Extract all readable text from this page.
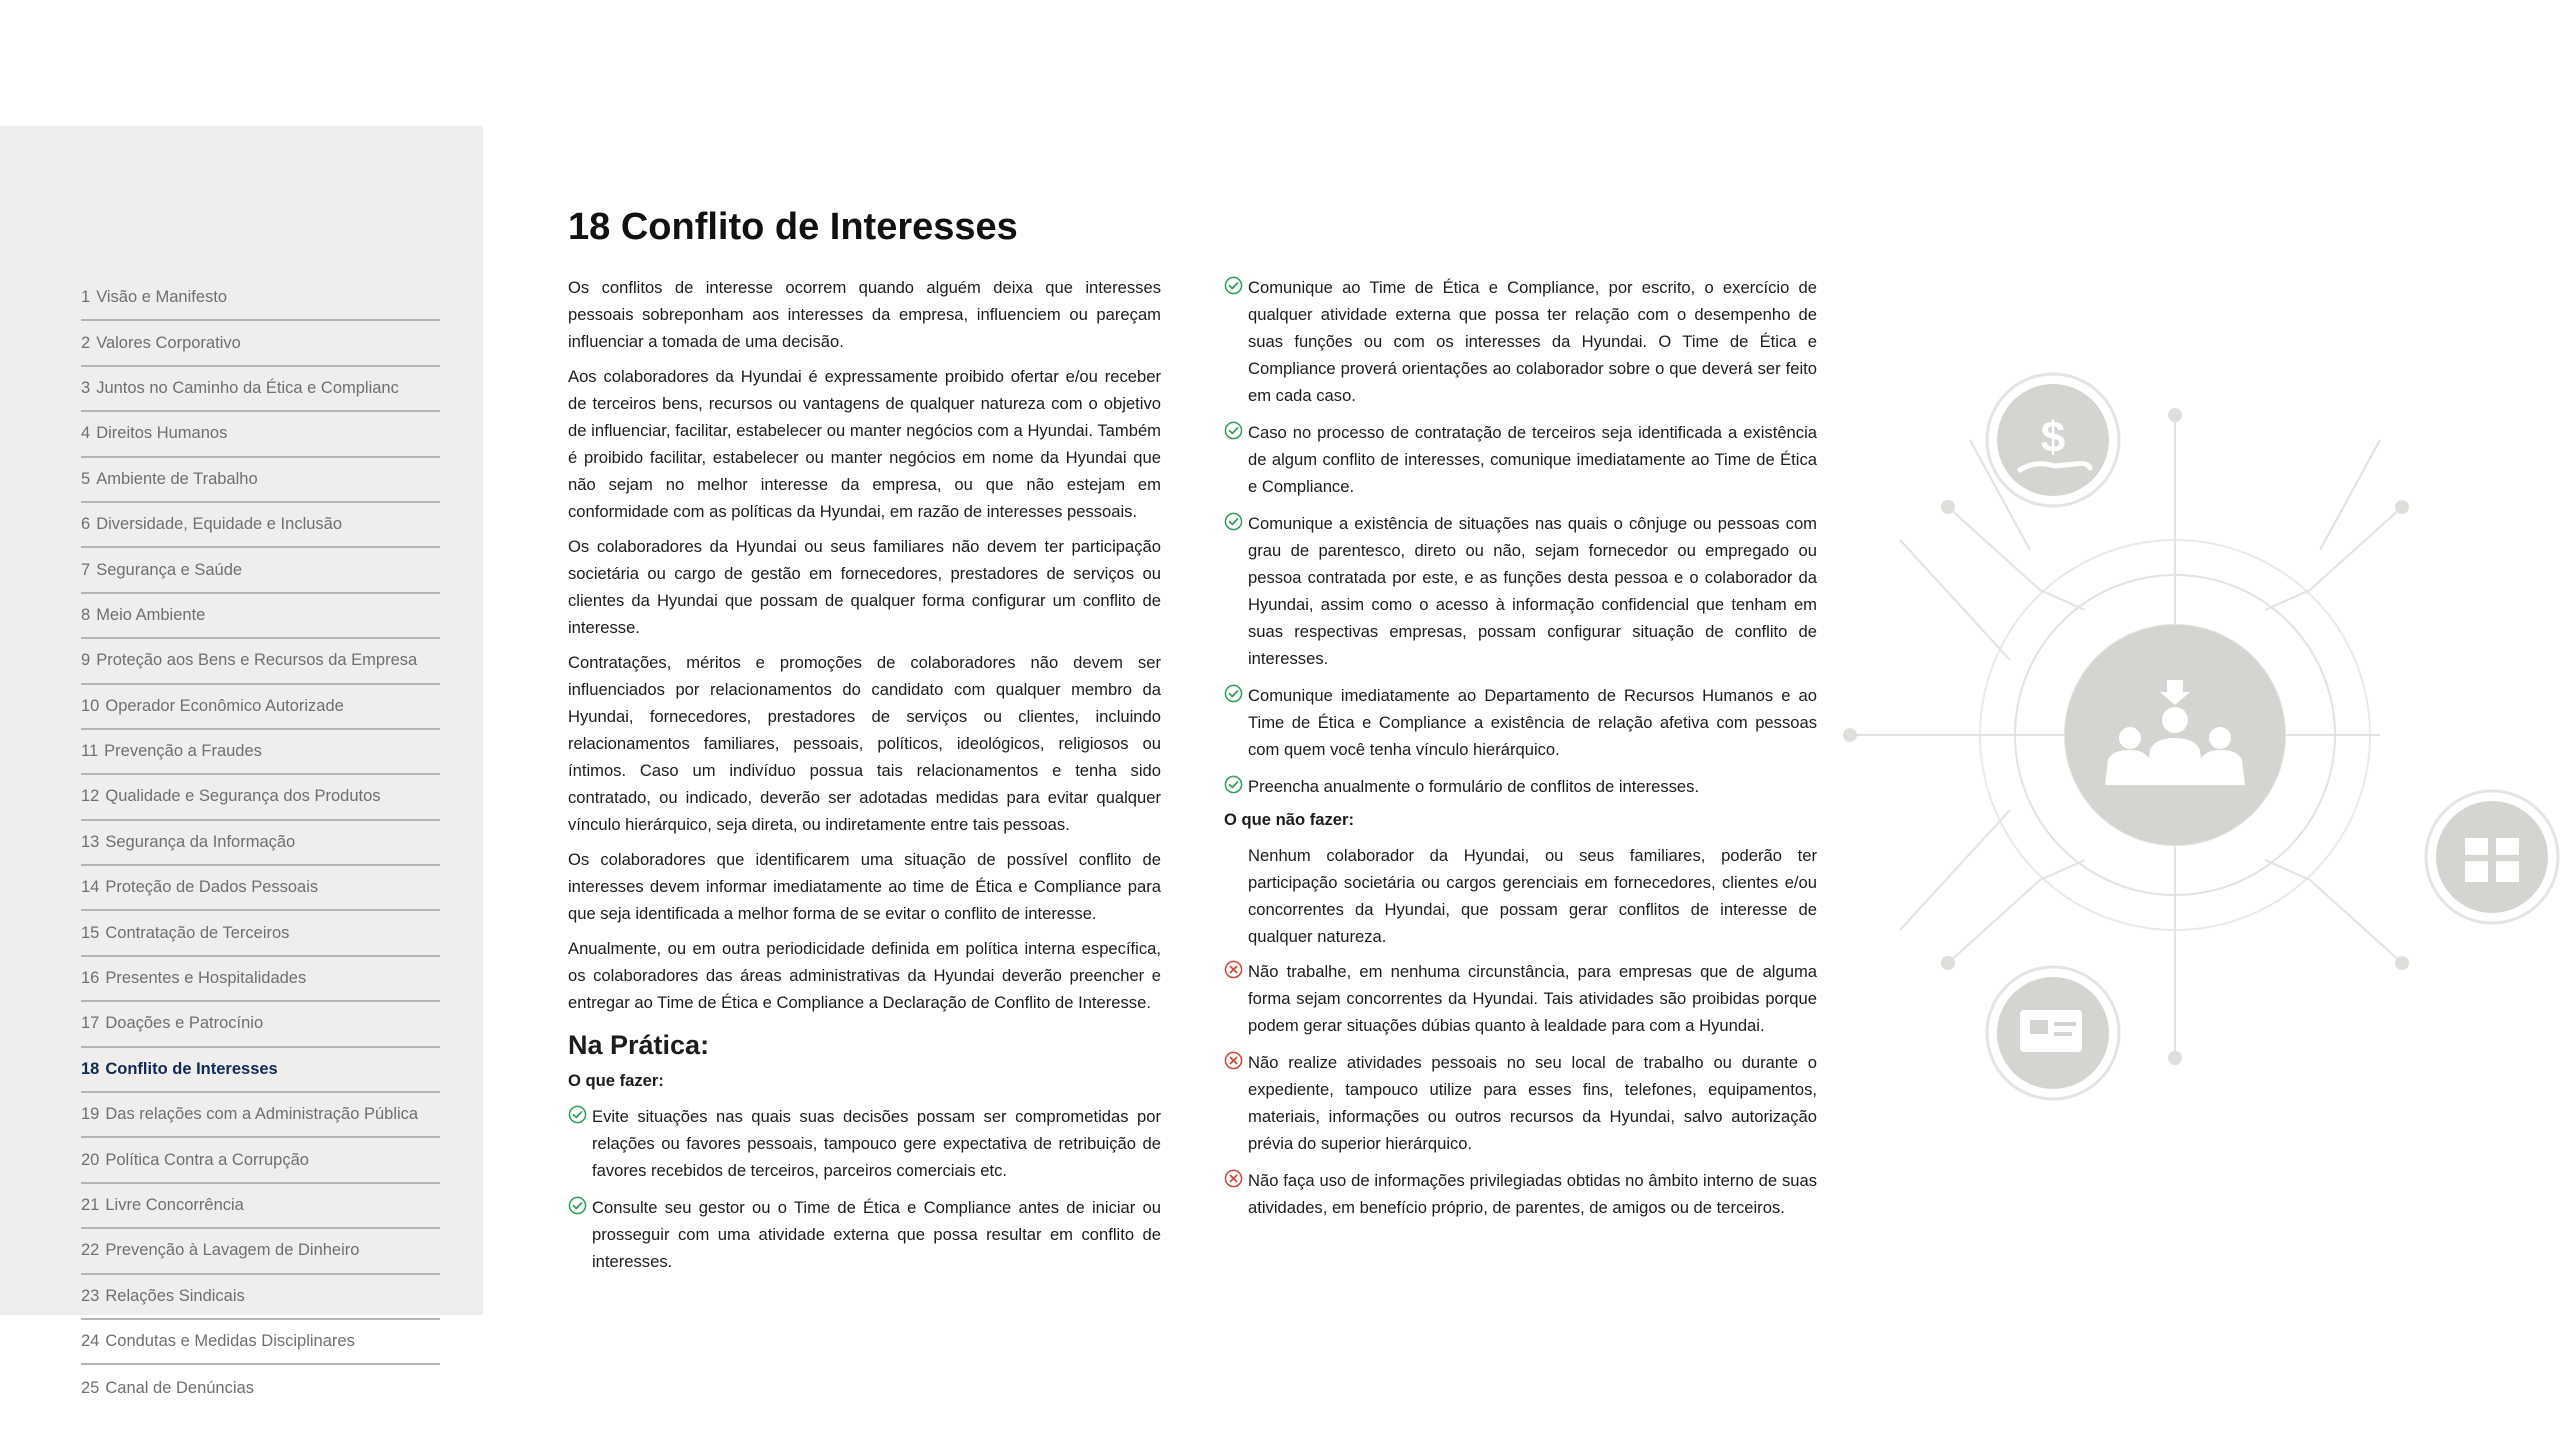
1 Visão e Manifesto
2 Valores Corporativo
3 Juntos no Caminho da Ética e Complianc
4 Direitos Humanos
5 Ambiente de Trabalho
6 Diversidade, Equidade e Inclusão
7 Segurança e Saúde
8 Meio Ambiente
9 Proteção aos Bens e Recursos da Empresa
10 Operador Econômico Autorizade
11 Prevenção a Fraudes
12 Qualidade e Segurança dos Produtos
13 Segurança da Informação
14 Proteção de Dados Pessoais
15 Contratação de Terceiros
16 Presentes e Hospitalidades
17 Doações e Patrocínio
18 Conflito de Interesses
19 Das relações com a Administração Pública
20 Política Contra a Corrupção
21 Livre Concorrência
22 Prevenção à Lavagem de Dinheiro
23 Relações Sindicais
24 Condutas e Medidas Disciplinares
25 Canal de Denúncias
18 Conflito de Interesses

Os conflitos de interesse ocorrem quando alguém deixa que interesses pessoais sobreponham aos interesses da empresa, influenciem ou pareçam influenciar a tomada de uma decisão.

Aos colaboradores da Hyundai é expressamente proibido ofertar e/ou receber de terceiros bens, recursos ou vantagens de qualquer natureza com o objetivo de influenciar, facilitar, estabelecer ou manter negócios com a Hyundai. Também é proibido facilitar, estabelecer ou manter negócios em nome da Hyundai que não sejam no melhor interesse da empresa, ou que não estejam em conformidade com as políticas da Hyundai, em razão de interesses pessoais.

Os colaboradores da Hyundai ou seus familiares não devem ter participação societária ou cargo de gestão em fornecedores, prestadores de serviços ou clientes da Hyundai que possam de qualquer forma configurar um conflito de interesse.

Contratações, méritos e promoções de colaboradores não devem ser influenciados por relacionamentos do candidato com qualquer membro da Hyundai, fornecedores, prestadores de serviços ou clientes, incluindo relacionamentos familiares, pessoais, políticos, ideológicos, religiosos ou íntimos. Caso um indivíduo possua tais relacionamentos e tenha sido contratado, ou indicado, deverão ser adotadas medidas para evitar qualquer vínculo hierárquico, seja direta, ou indiretamente entre tais pessoas.

Os colaboradores que identificarem uma situação de possível conflito de interesses devem informar imediatamente ao time de Ética e Compliance para que seja identificada a melhor forma de se evitar o conflito de interesse.

Anualmente, ou em outra periodicidade definida em política interna específica, os colaboradores das áreas administrativas da Hyundai deverão preencher e entregar ao Time de Ética e Compliance a Declaração de Conflito de Interesse.

Na Prática:
O que fazer:

Evite situações nas quais suas decisões possam ser comprometidas por relações ou favores pessoais, tampouco gere expectativa de retribuição de favores recebidos de terceiros, parceiros comerciais etc.

Consulte seu gestor ou o Time de Ética e Compliance antes de iniciar ou prosseguir com uma atividade externa que possa resultar em conflito de interesses.

Comunique ao Time de Ética e Compliance, por escrito, o exercício de qualquer atividade externa que possa ter relação com o desempenho de suas funções ou com os interesses da Hyundai. O Time de Ética e Compliance proverá orientações ao colaborador sobre o que deverá ser feito em cada caso.

Caso no processo de contratação de terceiros seja identificada a existência de algum conflito de interesses, comunique imediatamente ao Time de Ética e Compliance.

Comunique a existência de situações nas quais o cônjuge ou pessoas com grau de parentesco, direto ou não, sejam fornecedor ou empregado ou pessoa contratada por este, e as funções desta pessoa e o colaborador da Hyundai, assim como o acesso à informação confidencial que tenham em suas respectivas empresas, possam configurar situação de conflito de interesses.

Comunique imediatamente ao Departamento de Recursos Humanos e ao Time de Ética e Compliance a existência de relação afetiva com pessoas com quem você tenha vínculo hierárquico.

Preencha anualmente o formulário de conflitos de interesses.

O que não fazer:

Nenhum colaborador da Hyundai, ou seus familiares, poderão ter participação societária ou cargos gerenciais em fornecedores, clientes e/ou concorrentes da Hyundai, que possam gerar conflitos de interesse de qualquer natureza.

Não trabalhe, em nenhuma circunstância, para empresas que de alguma forma sejam concorrentes da Hyundai. Tais atividades são proibidas porque podem gerar situações dúbias quanto à lealdade para com a Hyundai.

Não realize atividades pessoais no seu local de trabalho ou durante o expediente, tampouco utilize para esses fins, telefones, equipamentos, materiais, informações ou outros recursos da Hyundai, salvo autorização prévia do superior hierárquico.

Não faça uso de informações privilegiadas obtidas no âmbito interno de suas atividades, em benefício próprio, de parentes, de amigos ou de terceiros.

$
